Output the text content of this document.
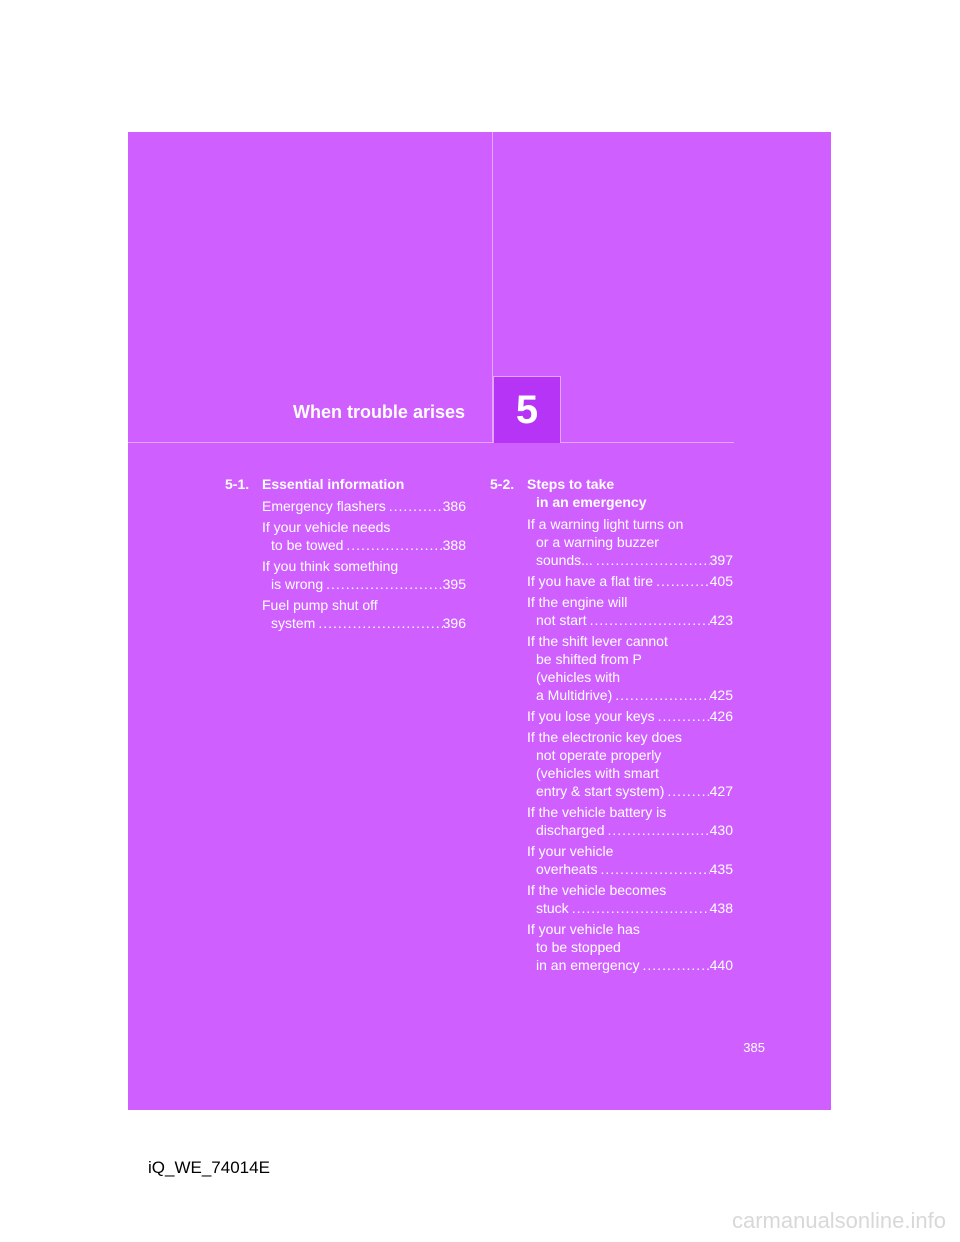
When trouble arises 5
5-1. Essential information
Emergency flashers .....	386
If your vehicle needs
to be towed .....	388
If you think something
is wrong .....	395
Fuel pump shut off
system .....	396
5-2. Steps to take
in an emergency
If a warning light turns on
or a warning buzzer
sounds... .....	397
If you have a flat tire .....	405
If the engine will
not start .....	423
If the shift lever cannot
be shifted from P
(vehicles with
a Multidrive) .....	425
If you lose your keys .....	426
If the electronic key does
not operate properly
(vehicles with smart
entry & start system) .....	427
If the vehicle battery is
discharged .....	430
If your vehicle
overheats .....	435
If the vehicle becomes
stuck .....	438
If your vehicle has
to be stopped
in an emergency .....	440
385
iQ_WE_74014E
carmanualsonline.info
